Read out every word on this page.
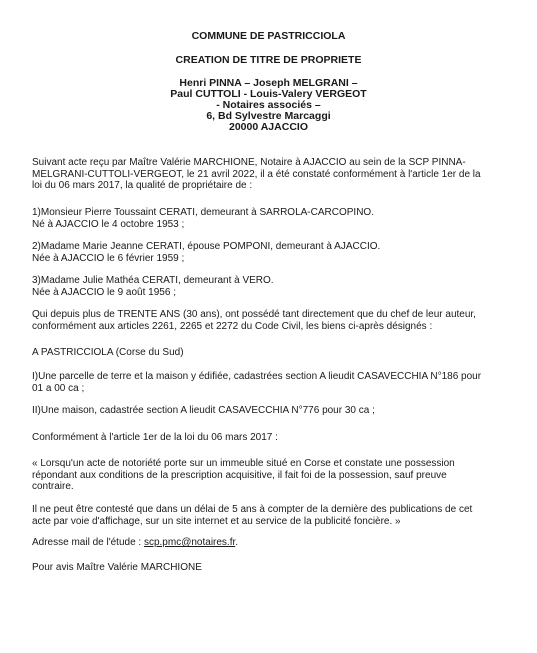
COMMUNE DE PASTRICCIOLA

CREATION DE TITRE DE PROPRIETE

Henri PINNA – Joseph MELGRANI –
Paul CUTTOLI - Louis-Valery VERGEOT
- Notaires associés –
6, Bd Sylvestre Marcaggi
20000 AJACCIO

Suivant acte reçu par Maître Valérie MARCHIONE, Notaire à AJACCIO au sein de la SCP PINNA-
MELGRANI-CUTTOLI-VERGEOT, le 21 avril 2022, il a été constaté conformément à l'article 1er de la
loi du 06 mars 2017, la qualité de propriétaire de :

1)Monsieur Pierre Toussaint CERATI, demeurant à SARROLA-CARCOPINO.
Né à AJACCIO le 4 octobre 1953 ;

2)Madame Marie Jeanne CERATI, épouse POMPONI, demeurant à AJACCIO.
Née à AJACCIO le 6 février 1959 ;

3)Madame Julie Mathéa CERATI, demeurant à VERO.
Née à AJACCIO le 9 août 1956 ;

Qui depuis plus de TRENTE ANS (30 ans), ont possédé tant directement que du chef de leur auteur,
conformément aux articles 2261, 2265 et 2272 du Code Civil, les biens ci-après désignés :

A PASTRICCIOLA (Corse du Sud)

I)Une parcelle de terre et la maison y édifiée, cadastrées section A lieudit CASAVECCHIA N°186 pour
01 a 00 ca ;

II)Une maison, cadastrée section A lieudit CASAVECCHIA N°776 pour 30 ca ;

Conformément à l'article 1er de la loi du 06 mars 2017 :

« Lorsqu'un acte de notoriété porte sur un immeuble situé en Corse et constate une possession
répondant aux conditions de la prescription acquisitive, il fait foi de la possession, sauf preuve
contraire.

Il ne peut être contesté que dans un délai de 5 ans à compter de la dernière des publications de cet
acte par voie d'affichage, sur un site internet et au service de la publicité foncière. »

Adresse mail de l'étude : scp.pmc@notaires.fr.

Pour avis Maître Valérie MARCHIONE
